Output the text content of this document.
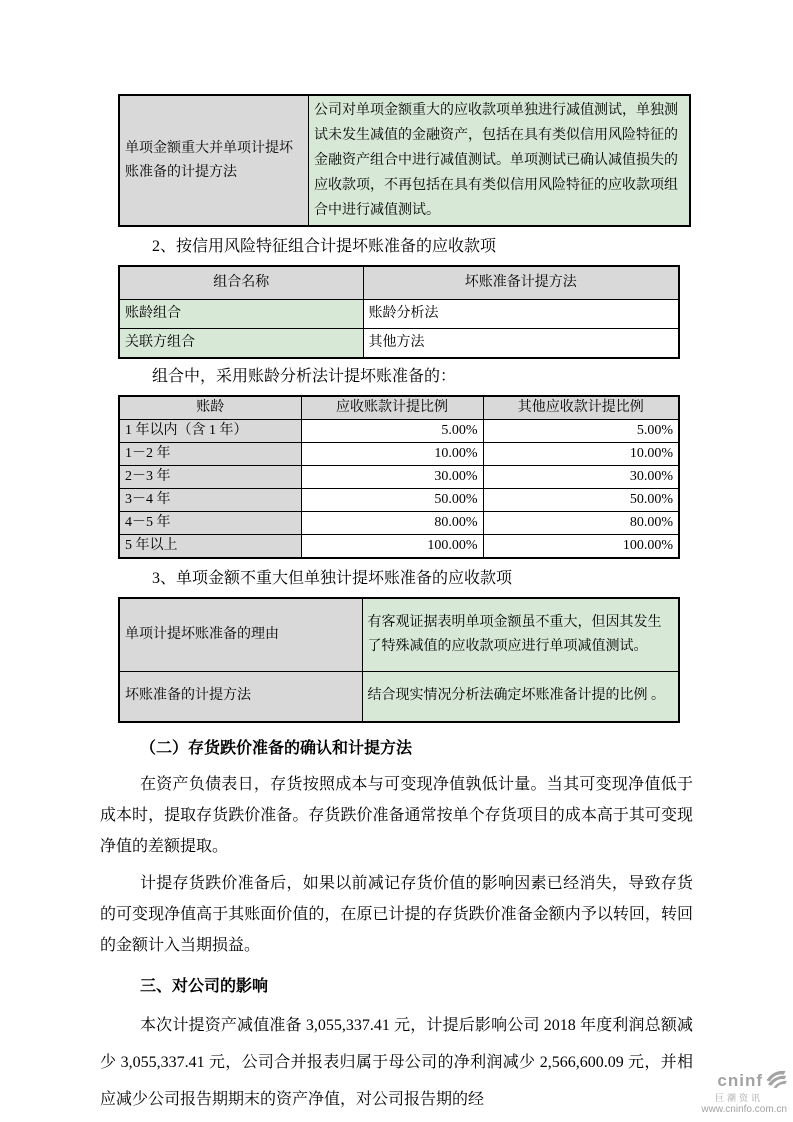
单项金额重大并单项计提坏账准备的计提方法	公司对单项金额重大的应收款项单独进行减值测试，单独测试未发生减值的金融资产，包括在具有类似信用风险特征的金融资产组合中进行减值测试。单项测试已确认减值损失的应收款项，不再包括在具有类似信用风险特征的应收款项组合中进行减值测试。
2、按信用风险特征组合计提坏账准备的应收款项
组合名称	坏账准备计提方法
账龄组合	账龄分析法
关联方组合	其他方法
组合中，采用账龄分析法计提坏账准备的：
账龄	应收账款计提比例	其他应收款计提比例
1 年以内（含 1 年）	5.00%	5.00%
1－2 年	10.00%	10.00%
2－3 年	30.00%	30.00%
3－4 年	50.00%	50.00%
4－5 年	80.00%	80.00%
5 年以上	100.00%	100.00%
3、单项金额不重大但单独计提坏账准备的应收款项
单项计提坏账准备的理由	有客观证据表明单项金额虽不重大，但因其发生了特殊减值的应收款项应进行单项减值测试。
坏账准备的计提方法	结合现实情况分析法确定坏账准备计提的比例 。
（二）存货跌价准备的确认和计提方法

在资产负债表日，存货按照成本与可变现净值孰低计量。当其可变现净值低于成本时，提取存货跌价准备。存货跌价准备通常按单个存货项目的成本高于其可变现净值的差额提取。

计提存货跌价准备后，如果以前减记存货价值的影响因素已经消失，导致存货的可变现净值高于其账面价值的，在原已计提的存货跌价准备金额内予以转回，转回的金额计入当期损益。

三、对公司的影响

本次计提资产减值准备 3,055,337.41 元，计提后影响公司 2018 年度利润总额减少 3,055,337.41 元，公司合并报表归属于母公司的净利润减少 2,566,600.09 元，并相应减少公司报告期期末的资产净值，对公司报告期的经

cninf
巨潮资讯
www.cninfo.com.cn
